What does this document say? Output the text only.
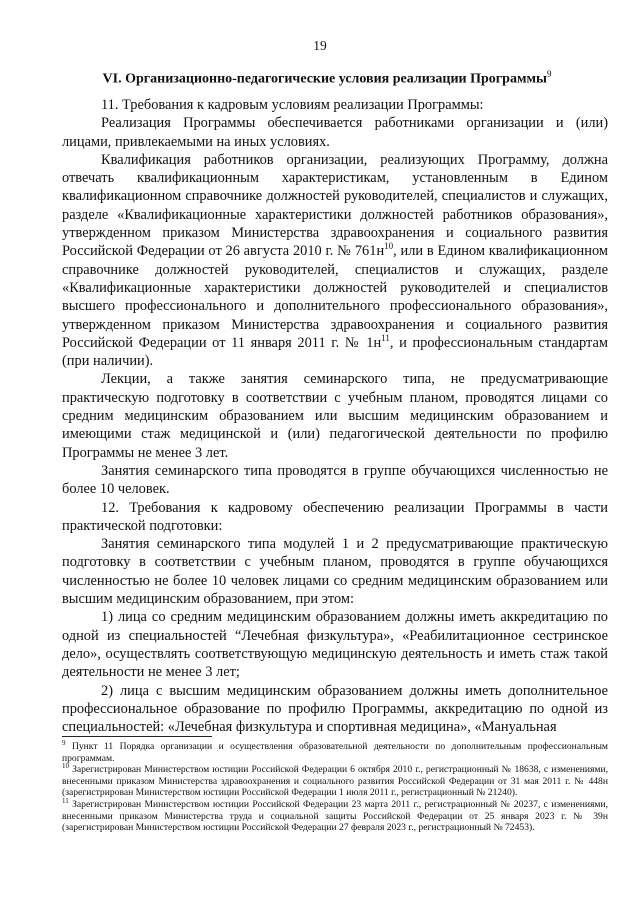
19
VI. Организационно-педагогические условия реализации Программы$^9$

11. Требования к кадровым условиям реализации Программы:

Реализация Программы обеспечивается работниками организации и (или) лицами, привлекаемыми на иных условиях.

Квалификация работников организации, реализующих Программу, должна отвечать квалификационным характеристикам, установленным в Едином квалификационном справочнике должностей руководителей, специалистов и служащих, разделе «Квалификационные характеристики должностей работников образования», утвержденном приказом Министерства здравоохранения и социального развития Российской Федерации от 26 августа 2010 г. № $761н^{10}$, или в Едином квалификационном справочнике должностей руководителей, специалистов и служащих, разделе «Квалификационные характеристики должностей руководителей и специалистов высшего профессионального и дополнительного профессионального образования», утвержденном приказом Министерства здравоохранения и социального развития Российской Федерации от 11 января 2011 г. № $1н^{11}$, и профессиональным стандартам (при наличии).

Лекции, а также занятия семинарского типа, не предусматривающие практическую подготовку в соответствии с учебным планом, проводятся лицами со средним медицинским образованием или высшим медицинским образованием и имеющими стаж медицинской и (или) педагогической деятельности по профилю Программы не менее 3 лет.

Занятия семинарского типа проводятся в группе обучающихся численностью не более 10 человек.

12. Требования к кадровому обеспечению реализации Программы в части практической подготовки:

Занятия семинарского типа модулей 1 и 2 предусматривающие практическую подготовку в соответствии с учебным планом, проводятся в группе обучающихся численностью не более 10 человек лицами со средним медицинским образованием или высшим медицинским образованием, при этом:

1) лица со средним медицинским образованием должны иметь аккредитацию по одной из специальностей “Лечебная физкультура», «Реабилитационное сестринское дело», осуществлять соответствующую медицинскую деятельность и иметь стаж такой деятельности не менее 3 лет;

2) лица с высшим медицинским образованием должны иметь дополнительное профессиональное образование по профилю Программы, аккредитацию по одной из специальностей: «Лечебная физкультура и спортивная медицина», «Мануальная

$^9$ Пункт 11 Порядка организации и осуществления образовательной деятельности по дополнительным профессиональным программам.

$^{10}$ Зарегистрирован Министерством юстиции Российской Федерации 6 октября 2010 г., регистрационный № 18638, с изменениями, внесенными приказом Министерства здравоохранения и социального развития Российской Федерации от 31 мая 2011 г. № 448н (зарегистрирован Министерством юстиции Российской Федерации 1 июля 2011 г., регистрационный № 21240).

$^{11}$ Зарегистрирован Министерством юстиции Российской Федерации 23 марта 2011 г., регистрационный № 20237, с изменениями, внесенными приказом Министерства труда и социальной защиты Российской Федерации от 25 января 2023 г. № 39н (зарегистрирован Министерством юстиции Российской Федерации 27 февраля 2023 г., регистрационный № 72453).
